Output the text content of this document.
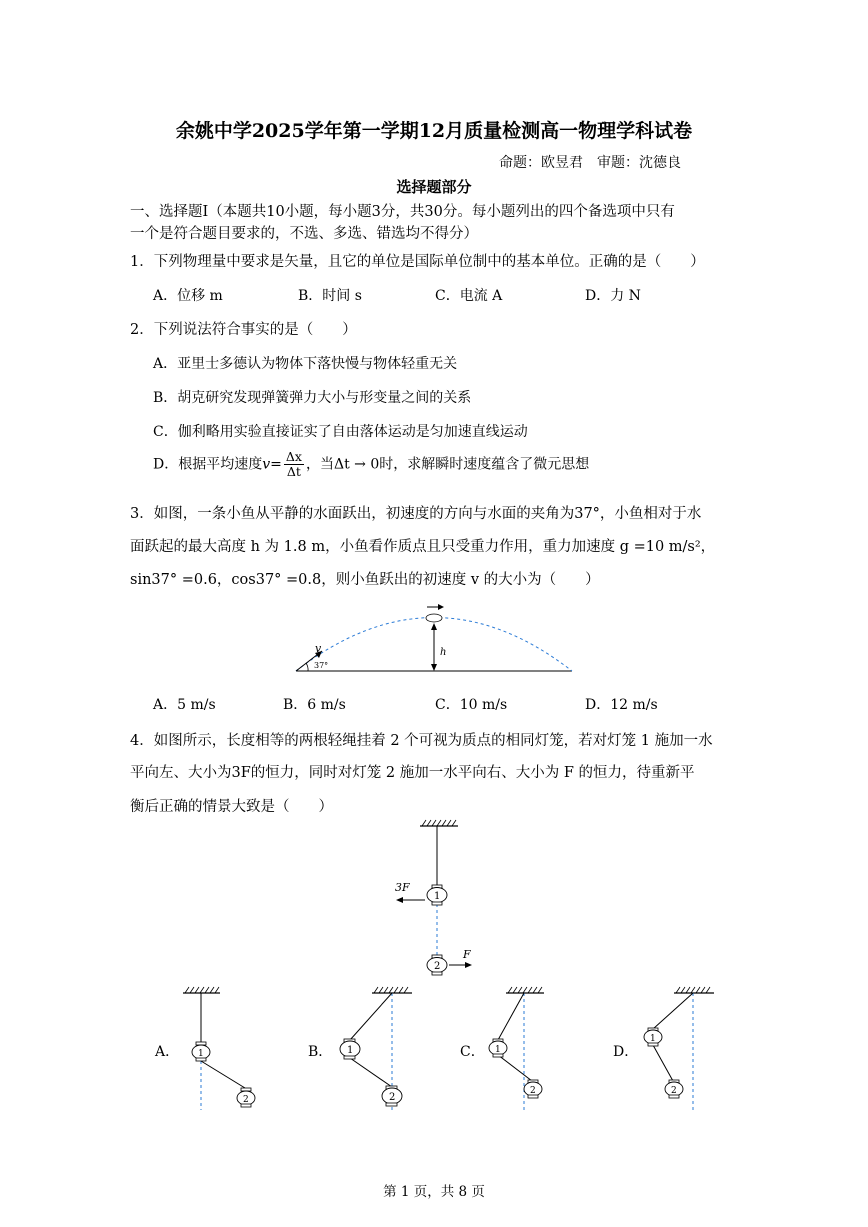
余姚中学2025学年第一学期12月质量检测高一物理学科试卷
命题：欧昱君　审题：沈德良
选择题部分
一、选择题Ⅰ（本题共10小题，每小题3分，共30分。每小题列出的四个备选项中只有
一个是符合题目要求的，不选、多选、错选均不得分）
1．下列物理量中要求是矢量，且它的单位是国际单位制中的基本单位。正确的是（　　）
A．位移 m	B．时间 s	C．电流 A	D．力 N
2．下列说法符合事实的是（　　）
A．亚里士多德认为物体下落快慢与物体轻重无关
B．胡克研究发现弹簧弹力大小与形变量之间的关系
C．伽利略用实验直接证实了自由落体运动是匀加速直线运动
D．根据平均速度$v= \frac{\Delta x}{\Delta t}$ ，当Δt → 0时，求解瞬时速度蕴含了微元思想
3．如图，一条小鱼从平静的水面跃出，初速度的方向与水面的夹角为37°，小鱼相对于水
面跃起的最大高度 h 为 1.8 m，小鱼看作质点且只受重力作用，重力加速度 g =10 m/s²，
sin37° =0.6，cos37° =0.8，则小鱼跃出的初速度 v 的大小为（　　）
v
37°
h
A．5 m/s	B．6 m/s	C．10 m/s	D．12 m/s
4．如图所示，长度相等的两根轻绳挂着 2 个可视为质点的相同灯笼，若对灯笼 1 施加一水
平向左、大小为3F的恒力，同时对灯笼 2 施加一水平向右、大小为 F 的恒力，待重新平
衡后正确的情景大致是（　　）
1
3F
2
F
A．	B．	C．	D．
1
2
1
2
1
2
1
2
第 1 页，共 8 页
